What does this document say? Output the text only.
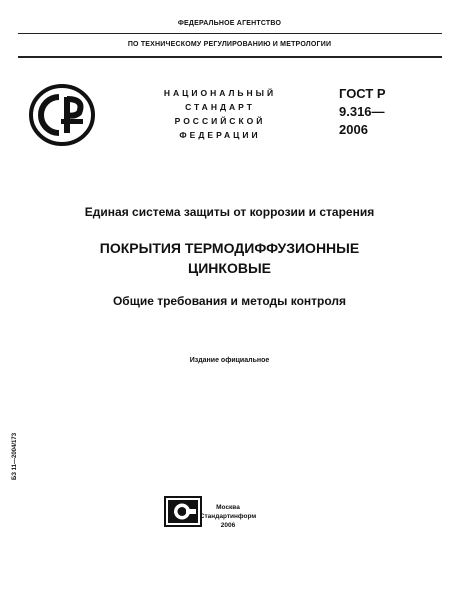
ФЕДЕРАЛЬНОЕ АГЕНТСТВО
ПО ТЕХНИЧЕСКОМУ РЕГУЛИРОВАНИЮ И МЕТРОЛОГИИ
НАЦИОНАЛЬНЫЙ
СТАНДАРТ
РОССИЙСКОЙ
ФЕДЕРАЦИИ
ГОСТ Р
9.316—
2006
Единая система защиты от коррозии и старения
ПОКРЫТИЯ ТЕРМОДИФФУЗИОННЫЕ
ЦИНКОВЫЕ
Общие требования и методы контроля
Издание официальное
БЗ 11—2004/173
Москва
Стандартинформ
2006
